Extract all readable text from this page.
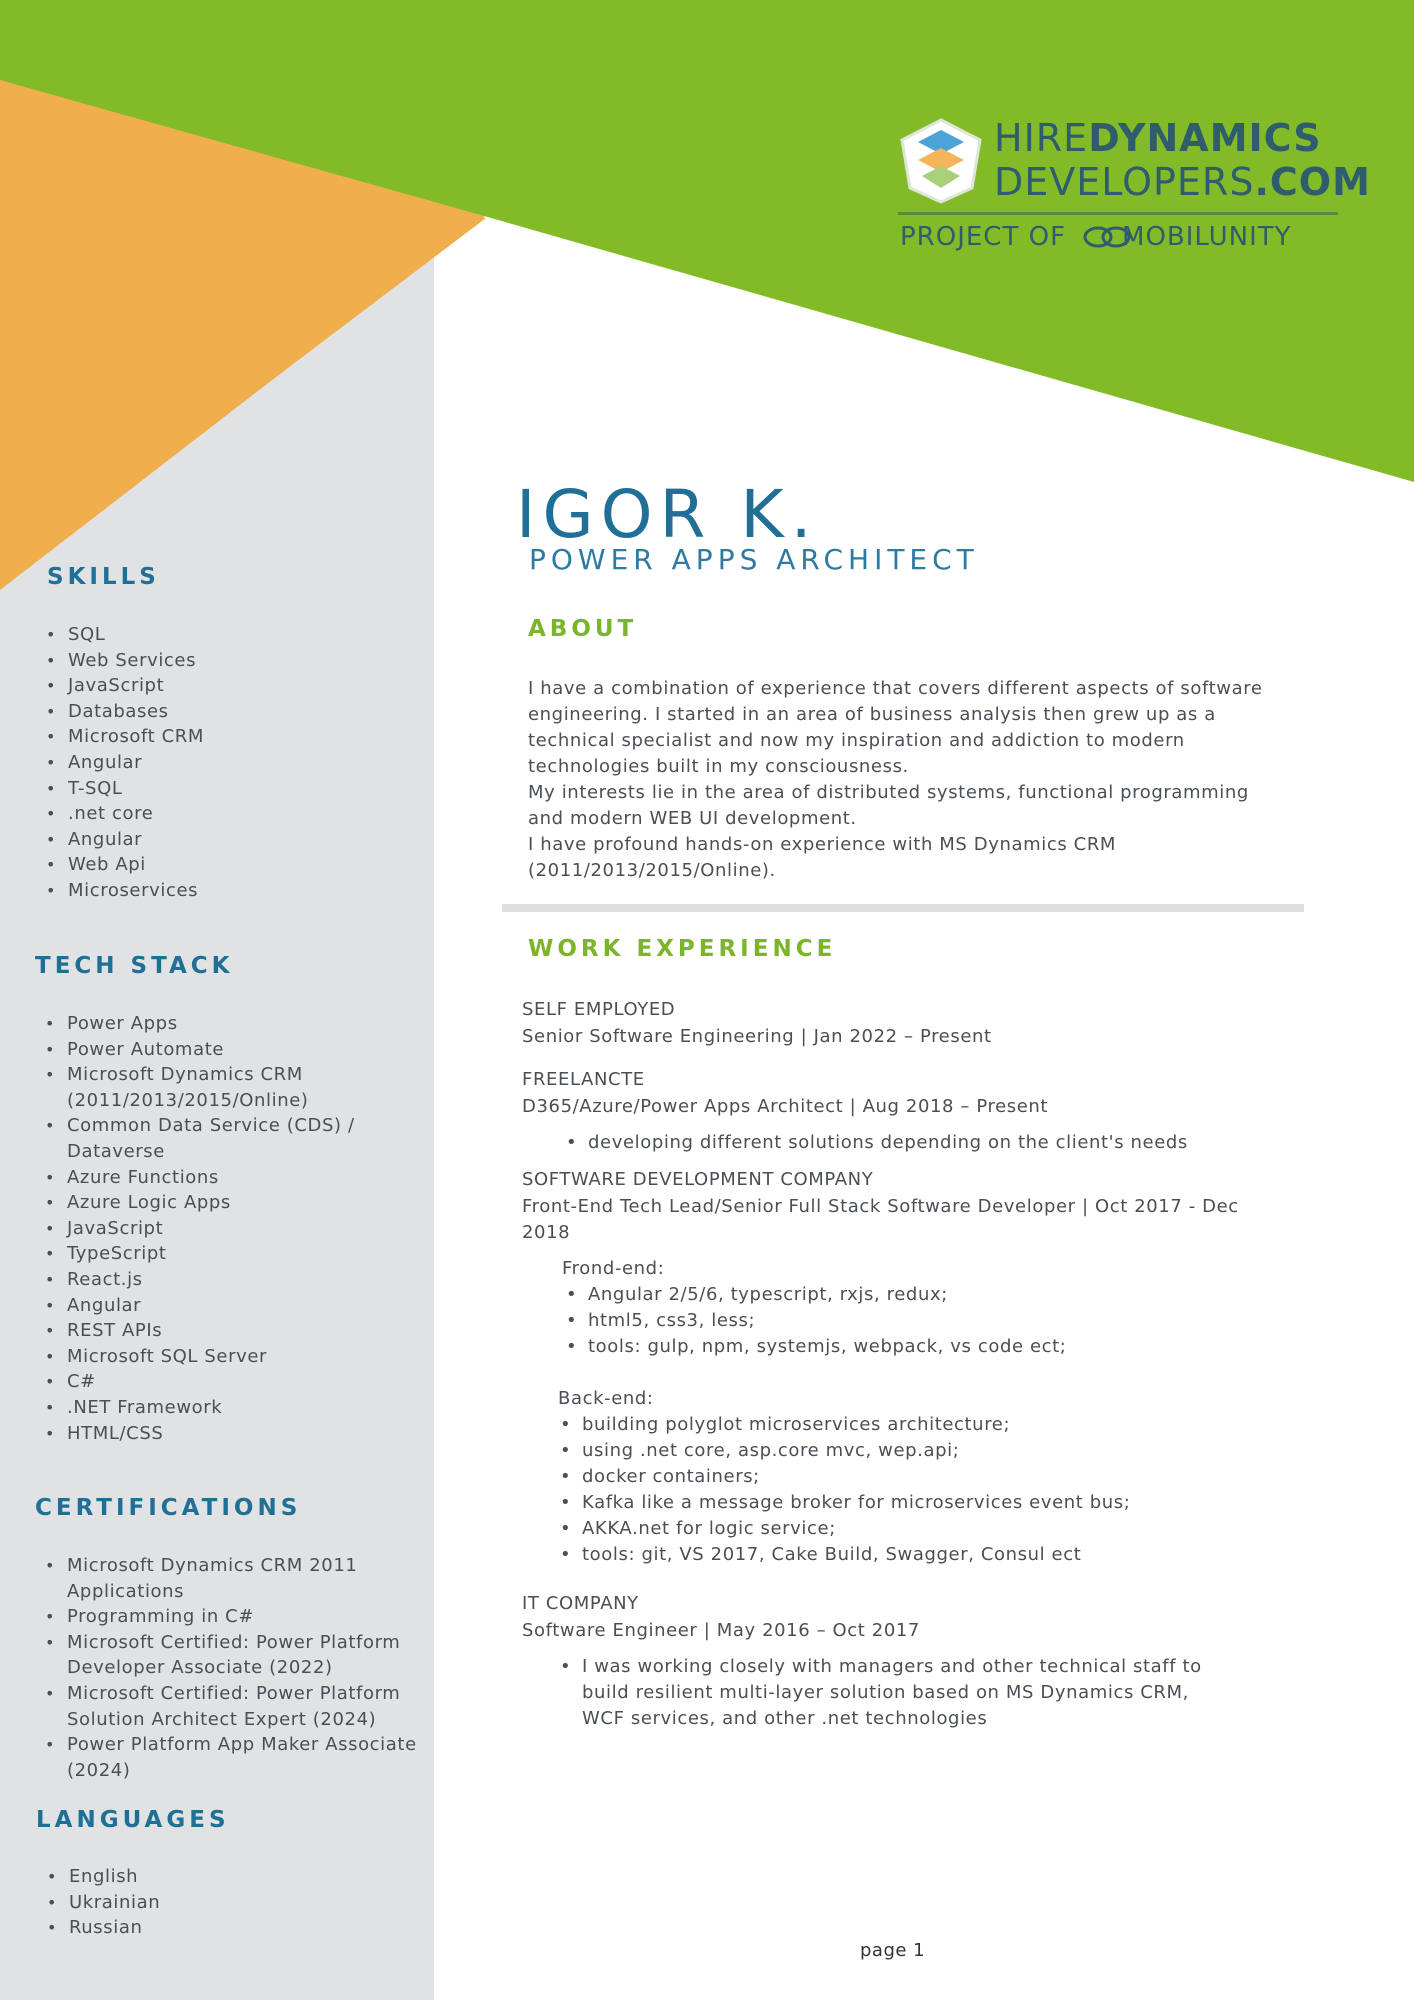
HIREDYNAMICS
DEVELOPERS.COM
PROJECT OF MOBILUNITY
IGOR K.
POWER APPS ARCHITECT
ABOUT

I have a combination of experience that covers different aspects of software engineering. I started in an area of business analysis then grew up as a technical specialist and now my inspiration and addiction to modern technologies built in my consciousness.

My interests lie in the area of distributed systems, functional programming and modern WEB UI development.

I have profound hands-on experience with MS Dynamics CRM (2011/2013/2015/Online).

WORK EXPERIENCE
SELF EMPLOYED
Senior Software Engineering | Jan 2022 – Present
FREELANCTE
D365/Azure/Power Apps Architect | Aug 2018 – Present
• developing different solutions depending on the client's needs
SOFTWARE DEVELOPMENT COMPANY
Front-End Tech Lead/Senior Full Stack Software Developer | Oct 2017 - Dec 2018
Frond-end:
• Angular 2/5/6, typescript, rxjs, redux;
• html5, css3, less;
• tools: gulp, npm, systemjs, webpack, vs code ect;
Back-end:
• building polyglot microservices architecture;
• using .net core, asp.core mvc, wep.api;
• docker containers;
• Kafka like a message broker for microservices event bus;
• AKKA.net for logic service;
• tools: git, VS 2017, Cake Build, Swagger, Consul ect
IT COMPANY
Software Engineer | May 2016 – Oct 2017
• I was working closely with managers and other technical staff to build resilient multi-layer solution based on MS Dynamics CRM, WCF services, and other .net technologies
SKILLS
• SQL
• Web Services
• JavaScript
• Databases
• Microsoft CRM
• Angular
• T-SQL
• .net core
• Angular
• Web Api
• Microservices
TECH STACK
• Power Apps
• Power Automate
• Microsoft Dynamics CRM (2011/2013/2015/Online)
• Common Data Service (CDS) / Dataverse
• Azure Functions
• Azure Logic Apps
• JavaScript
• TypeScript
• React.js
• Angular
• REST APIs
• Microsoft SQL Server
• C#
• .NET Framework
• HTML/CSS
CERTIFICATIONS
• Microsoft Dynamics CRM 2011 Applications
• Programming in C#
• Microsoft Certified: Power Platform Developer Associate (2022)
• Microsoft Certified: Power Platform Solution Architect Expert (2024)
• Power Platform App Maker Associate (2024)
LANGUAGES
• English
• Ukrainian
• Russian
page 1
